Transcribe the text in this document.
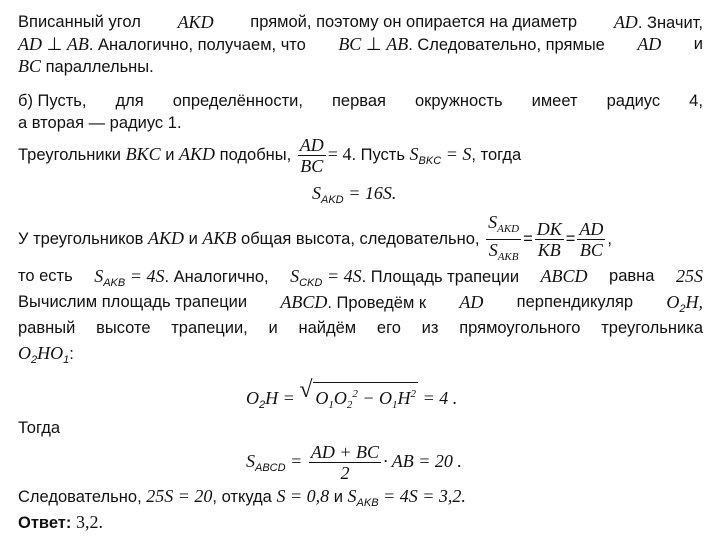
Вписанный угол AKD прямой, поэтому он опирается на диаметр AD. Значит,
AD ⊥ AB. Аналогично, получаем, что BC ⊥ AB. Следовательно, прямые AD и
BC параллельны.
б) Пусть, для определённости, первая окружность имеет радиус 4,
а вторая — радиус 1.
Треугольники BKC и AKD подобны, $\frac{AD}{BC} = 4$. Пусть $S_{BKC} = S$, тогда
$S_{AKD} = 16S$.
У треугольников AKD и AKB общая высота, следовательно, $\frac{S_{AKD}}{S_{AKB}} = \frac{DK}{KB} = \frac{AD}{BC}$ ,
то есть $S_{AKB} = 4S$. Аналогично, $S_{CKD} = 4S$. Площадь трапеции ABCD равна 25S
Вычислим площадь трапеции ABCD. Проведём к AD перпендикуляр $O_2H$,
равный высоте трапеции, и найдём его из прямоугольного треугольника
$O_2HO_1$:
$O_2H$ = √ $O_1O_2^2 - O_1H^2 = 4$ .
Тогда
$S_{ABCD} = \frac{AD + BC}{2}$ · AB = 20 .
Следовательно, 25S = 20, откуда S = 0,8 и $S_{AKB} = 4S = 3,2$.
Ответ: 3,2.
